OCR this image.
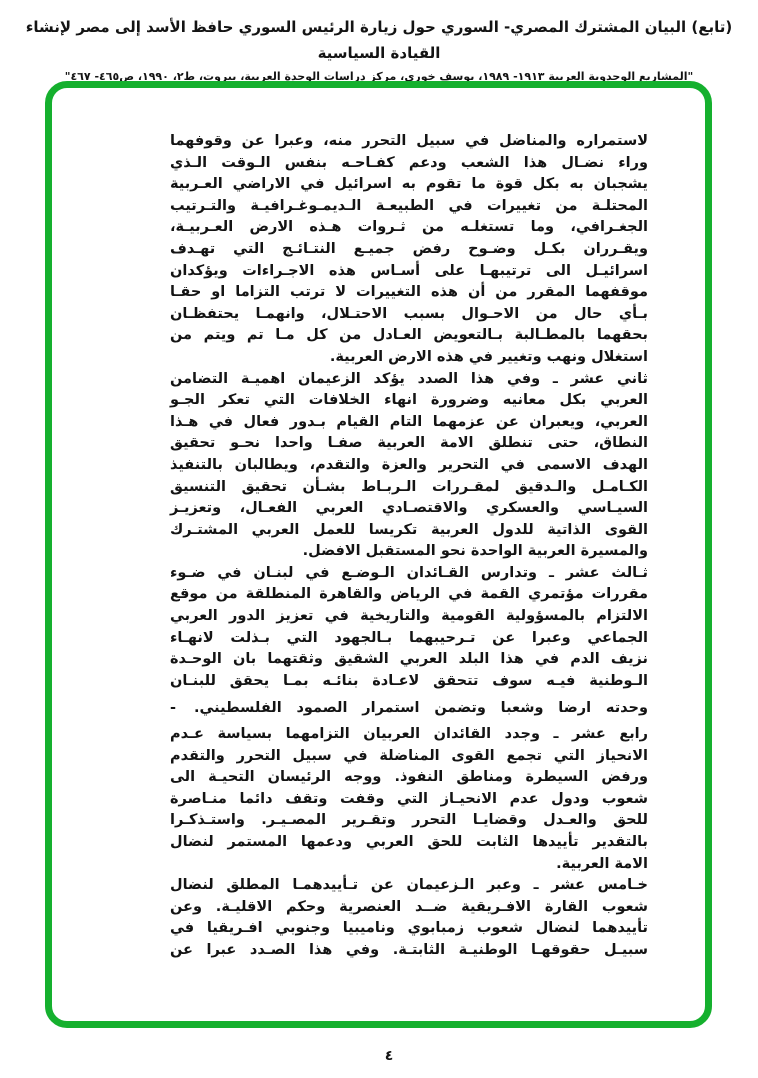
(تابع) البيان المشترك المصري- السوري حول زيارة الرئيس السوري حافظ الأسد إلى مصر لإنشاء القيادة السياسية
"المشاريع الوحدوية العربية ١٩١٣- ١٩٨٩، يوسف خوري، مركز دراسات الوحدة العربية، بيروت، ط٢، ١٩٩٠، ص٤٦٥- ٤٦٧"
لاستمراره والمناضل في سبيل التحرر منه، وعبرا عن وقوفهما
وراء نضـال هذا الشعب ودعم كفـاحـه بنفس الـوقت الـذي
يشجبان به بكل قوة ما تقوم به اسرائيل في الاراضي العـربية
المحتلـة من تغييرات في الطبيعـة الـديمـوغـرافيـة والتـرتيب
الجغـرافي، وما تستغلـه من ثـروات هـذه الارض العـربيـة،
ويقـرران بكـل وضـوح رفض جميـع النتـائـج التي تهـدف
اسرائيـل الى ترتيبهـا على أسـاس هذه الاجـراءات ويؤكدان
موقفهما المقرر من أن هذه التغييرات لا ترتب التزاما او حقـا
بـأي حال من الاحـوال بسبب الاحتـلال، وانهمـا يحتفظـان
بحقهما بالمطـالبة بـالتعويض العـادل من كل مـا تم ويتم من
استغلال ونهب وتغيير في هذه الارض العربية.
ثاني عشر ـ وفي هذا الصدد يؤكد الزعيمان اهميـة التضامن
العربي بكل معانيه وضرورة انهاء الخلافات التي تعكر الجـو
العربي، ويعبران عن عزمهما التام القيام بـدور فعال في هـذا
النطاق، حتى تنطلق الامة العربية صفـا واحدا نحـو تحقيق
الهدف الاسمى في التحرير والعزة والتقدم، ويطالبان بالتنفيذ
الكـامـل والـدقيق لمقـررات الـربـاط بشـأن تحقيق التنسيق
السيـاسي والعسكري والاقتصـادي العربي الفعـال، وتعزيـز
القوى الذاتية للدول العربية تكريسا للعمل العربي المشتـرك
والمسيرة العربية الواحدة نحو المستقبل الافضل.
ثـالث عشر ـ وتدارس القـائدان الـوضـع في لبنـان في ضـوء
مقررات مؤتمري القمة في الرياض والقاهرة المنطلقة من موقع
الالتزام بالمسؤولية القومية والتاريخية في تعزيز الدور العربي
الجماعي وعبرا عن تـرحيبهما بـالجهود التي بـذلت لانهـاء
نزيف الدم في هذا البلد العربي الشقيق وثقتهما بان الوحـدة
الـوطنية فيـه سوف تتحقق لاعـادة بنائـه بمـا يحقق للبنـان
-	وحدته ارضا وشعبا وتضمن استمرار الصمود الفلسطيني.
رابع عشر ـ وجدد القائدان العربيان التزامهما بسياسة عـدم
الانحياز التي تجمع القوى المناضلة في سبيل التحرر والتقدم
ورفض السيطرة ومناطق النفوذ. ووجه الرئيسان التحيـة الى
شعوب ودول عدم الانحيـاز التي وقفت وتقف دائما منـاصرة
للحق والعـدل وقضايـا التحرر وتقـرير المصـيـر. واستـذكـرا
بالتقدير تأييدها الثابت للحق العربي ودعمها المستمر لنضال
الامة العربية.
خـامس عشر ـ وعبر الـزعيمان عن تـأييدهمـا المطلق لنضال
شعوب القارة الافـريقية ضــد العنصرية وحكم الاقليـة. وعن
تأييدهما لنضال شعوب زمبابوي وناميبيا وجنوبي افـريقيا في
سبيـل حقوقهـا الوطنيـة الثابتـة. وفي هذا الصـدد عبرا عن
٤
